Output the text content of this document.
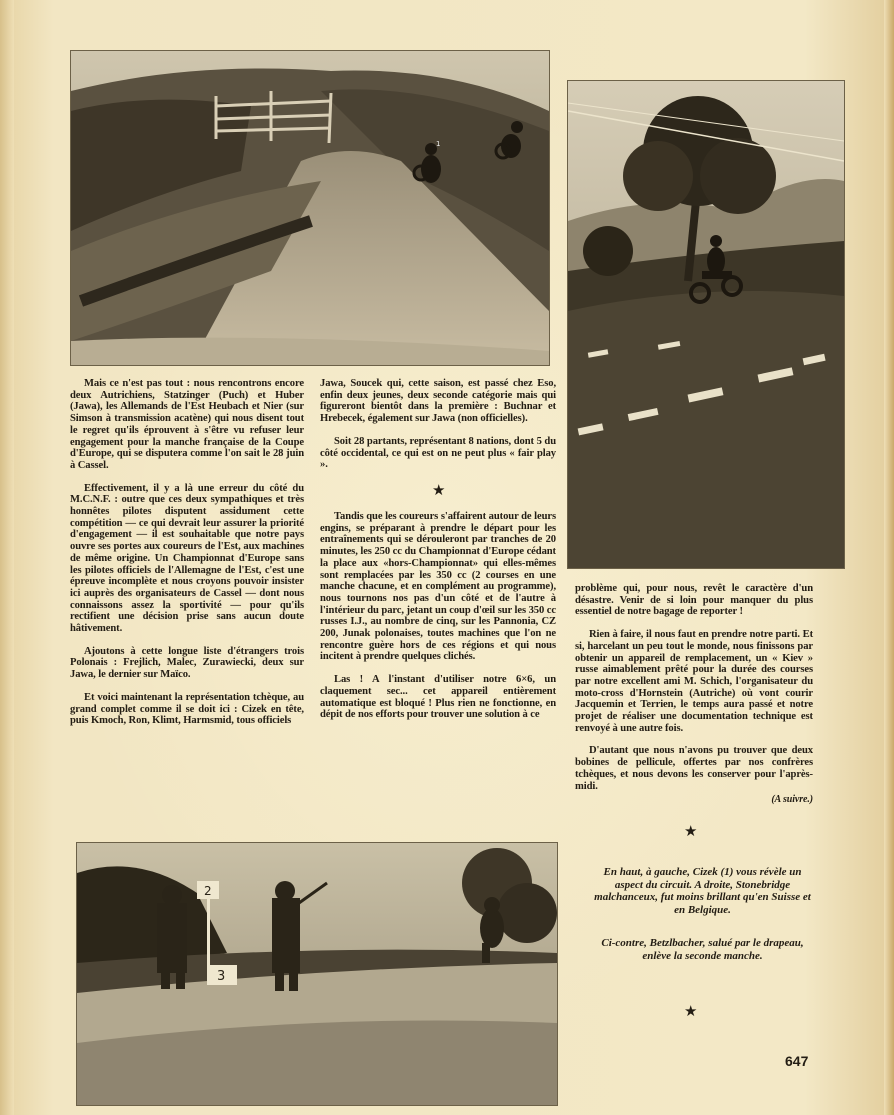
1
2
3

Mais ce n'est pas tout : nous rencontrons encore deux Autrichiens, Statzinger (Puch) et Huber (Jawa), les Allemands de l'Est Heubach et Nier (sur Simson à transmission acatène) qui nous disent tout le regret qu'ils éprouvent à s'être vu refuser leur engagement pour la manche française de la Coupe d'Europe, qui se disputera comme l'on sait le 28 juin à Cassel.

Effectivement, il y a là une erreur du côté du M.C.N.F. : outre que ces deux sympathiques et très honnêtes pilotes disputent assidument cette compétition — ce qui devrait leur assurer la priorité d'engagement — il est souhaitable que notre pays ouvre ses portes aux coureurs de l'Est, aux machines de même origine. Un Championnat d'Europe sans les pilotes officiels de l'Allemagne de l'Est, c'est une épreuve incomplète et nous croyons pouvoir insister ici auprès des organisateurs de Cassel — dont nous connaissons assez la sportivité — pour qu'ils rectifient une décision prise sans aucun doute hâtivement.

Ajoutons à cette longue liste d'étrangers trois Polonais : Frejlich, Malec, Zurawiecki, deux sur Jawa, le dernier sur Maïco.

Et voici maintenant la représentation tchèque, au grand complet comme il se doit ici : Cizek en tête, puis Kmoch, Ron, Klimt, Harmsmid, tous officiels

Jawa, Soucek qui, cette saison, est passé chez Eso, enfin deux jeunes, deux seconde catégorie mais qui figureront bientôt dans la première : Buchnar et Hrebecek, également sur Jawa (non officielles).

Soit 28 partants, représentant 8 nations, dont 5 du côté occidental, ce qui est on ne peut plus « fair play ».

★

Tandis que les coureurs s'affairent autour de leurs engins, se préparant à prendre le départ pour les entraînements qui se dérouleront par tranches de 20 minutes, les 250 cc du Championnat d'Europe cédant la place aux «hors-Championnat» qui elles-mêmes sont remplacées par les 350 cc (2 courses en une manche chacune, et en complément au programme), nous tournons nos pas d'un côté et de l'autre à l'intérieur du parc, jetant un coup d'œil sur les 350 cc russes I.J., au nombre de cinq, sur les Pannonia, CZ 200, Junak polonaises, toutes machines que l'on ne rencontre guère hors de ces régions et qui nous incitent à prendre quelques clichés.

Las ! A l'instant d'utiliser notre 6×6, un claquement sec... cet appareil entièrement automatique est bloqué ! Plus rien ne fonctionne, en dépit de nos efforts pour trouver une solution à ce

problème qui, pour nous, revêt le caractère d'un désastre. Venir de si loin pour manquer du plus essentiel de notre bagage de reporter !

Rien à faire, il nous faut en prendre notre parti. Et si, harcelant un peu tout le monde, nous finissons par obtenir un appareil de remplacement, un « Kiev » russe aimablement prêté pour la durée des courses par notre excellent ami M. Schich, l'organisateur du moto-cross d'Hornstein (Autriche) où vont courir Jacquemin et Terrien, le temps aura passé et notre projet de réaliser une documentation technique est renvoyé à une autre fois.

D'autant que nous n'avons pu trouver que deux bobines de pellicule, offertes par nos confrères tchèques, et nous devons les conserver pour l'après-midi.

(A suivre.)
★

En haut, à gauche, Cizek (1) vous révèle un aspect du circuit. A droite, Stonebridge malchanceux, fut moins brillant qu'en Suisse et en Belgique.

Ci-contre, Betzlbacher, salué par le drapeau, enlève la seconde manche.

★
647
